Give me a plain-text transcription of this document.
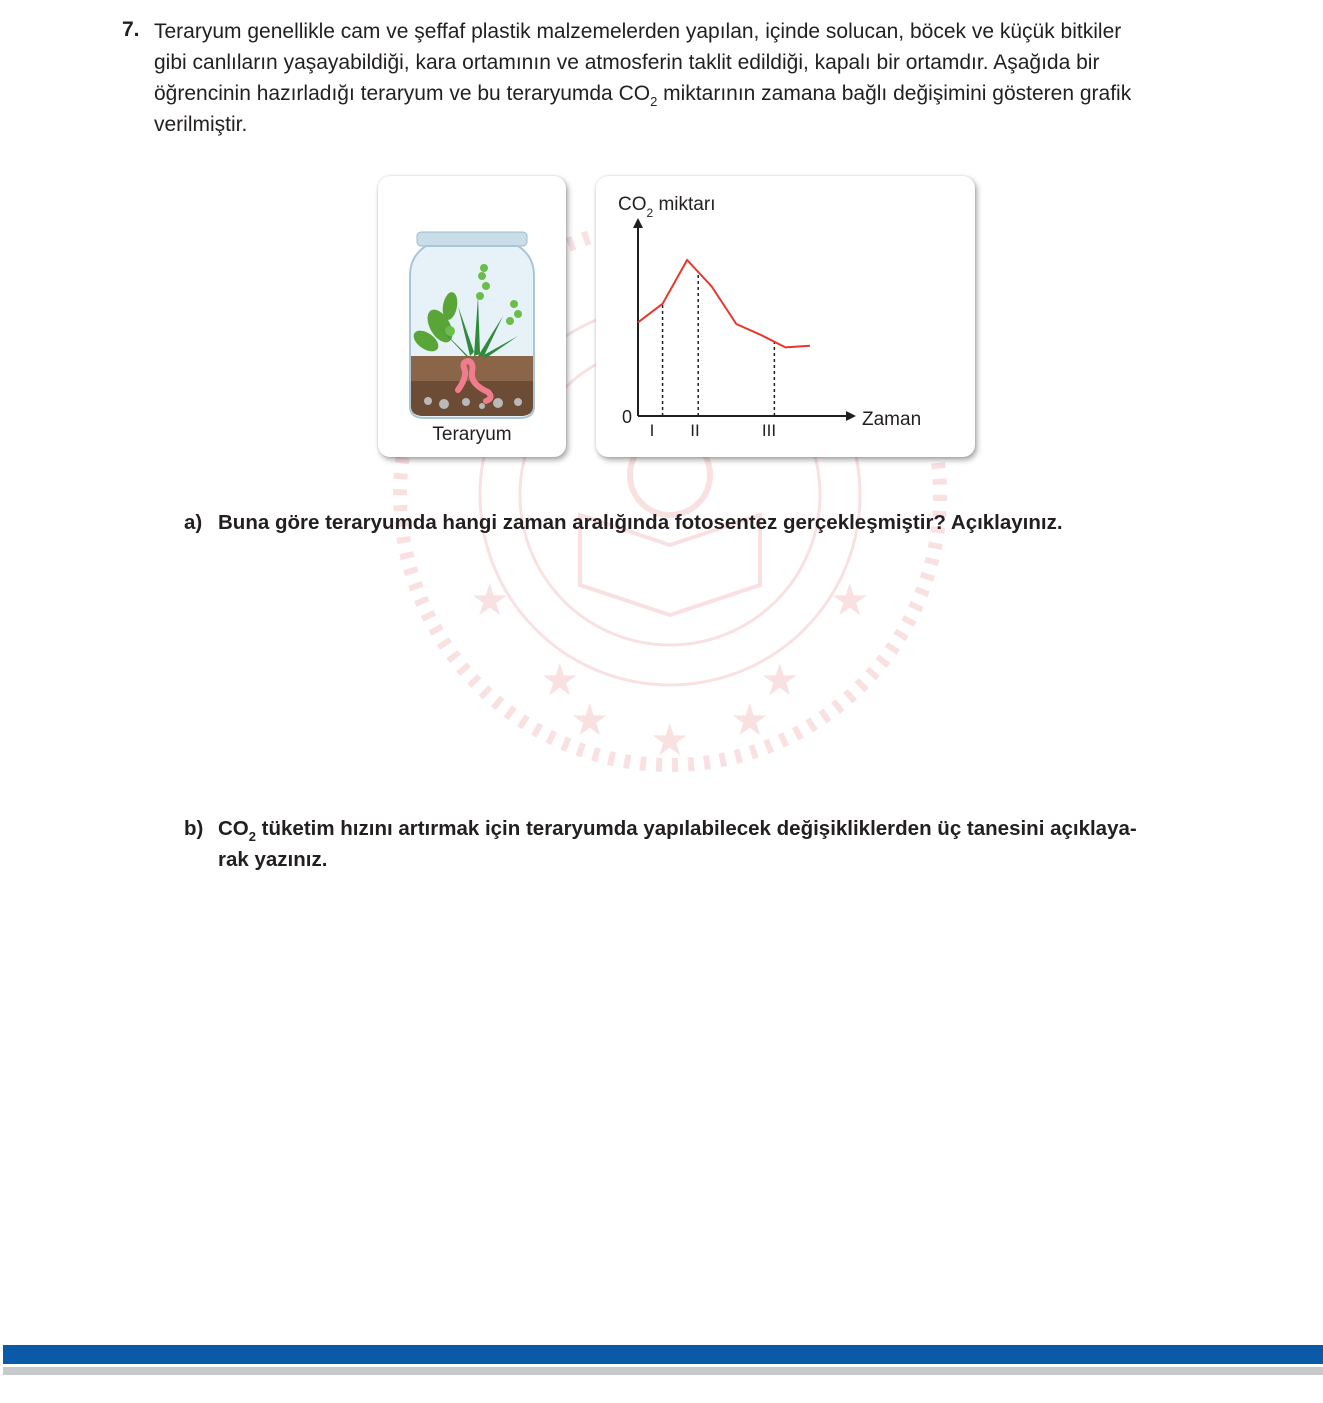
★	★
★	★
★
★	★
7. Teraryum genellikle cam ve şeffaf plastik malzemelerden yapılan, içinde solucan, böcek ve küçük bitkiler

gibi canlıların yaşayabildiği, kara ortamının ve atmosferin taklit edildiği, kapalı bir ortamdır. Aşağıda bir

öğrencinin hazırladığı teraryum ve bu teraryumda $CO_2$ miktarının zamana bağlı değişimini gösteren grafik

verilmiştir.

Teraryum
$CO_2$ miktarı
Zaman
0
I II	III
a) Buna göre teraryumda hangi zaman aralığında fotosentez gerçekleşmiştir? Açıklayınız.
b) $CO_2$ tüketim hızını artırmak için teraryumda yapılabilecek değişikliklerden üç tanesini açıklaya-

rak yazınız.
